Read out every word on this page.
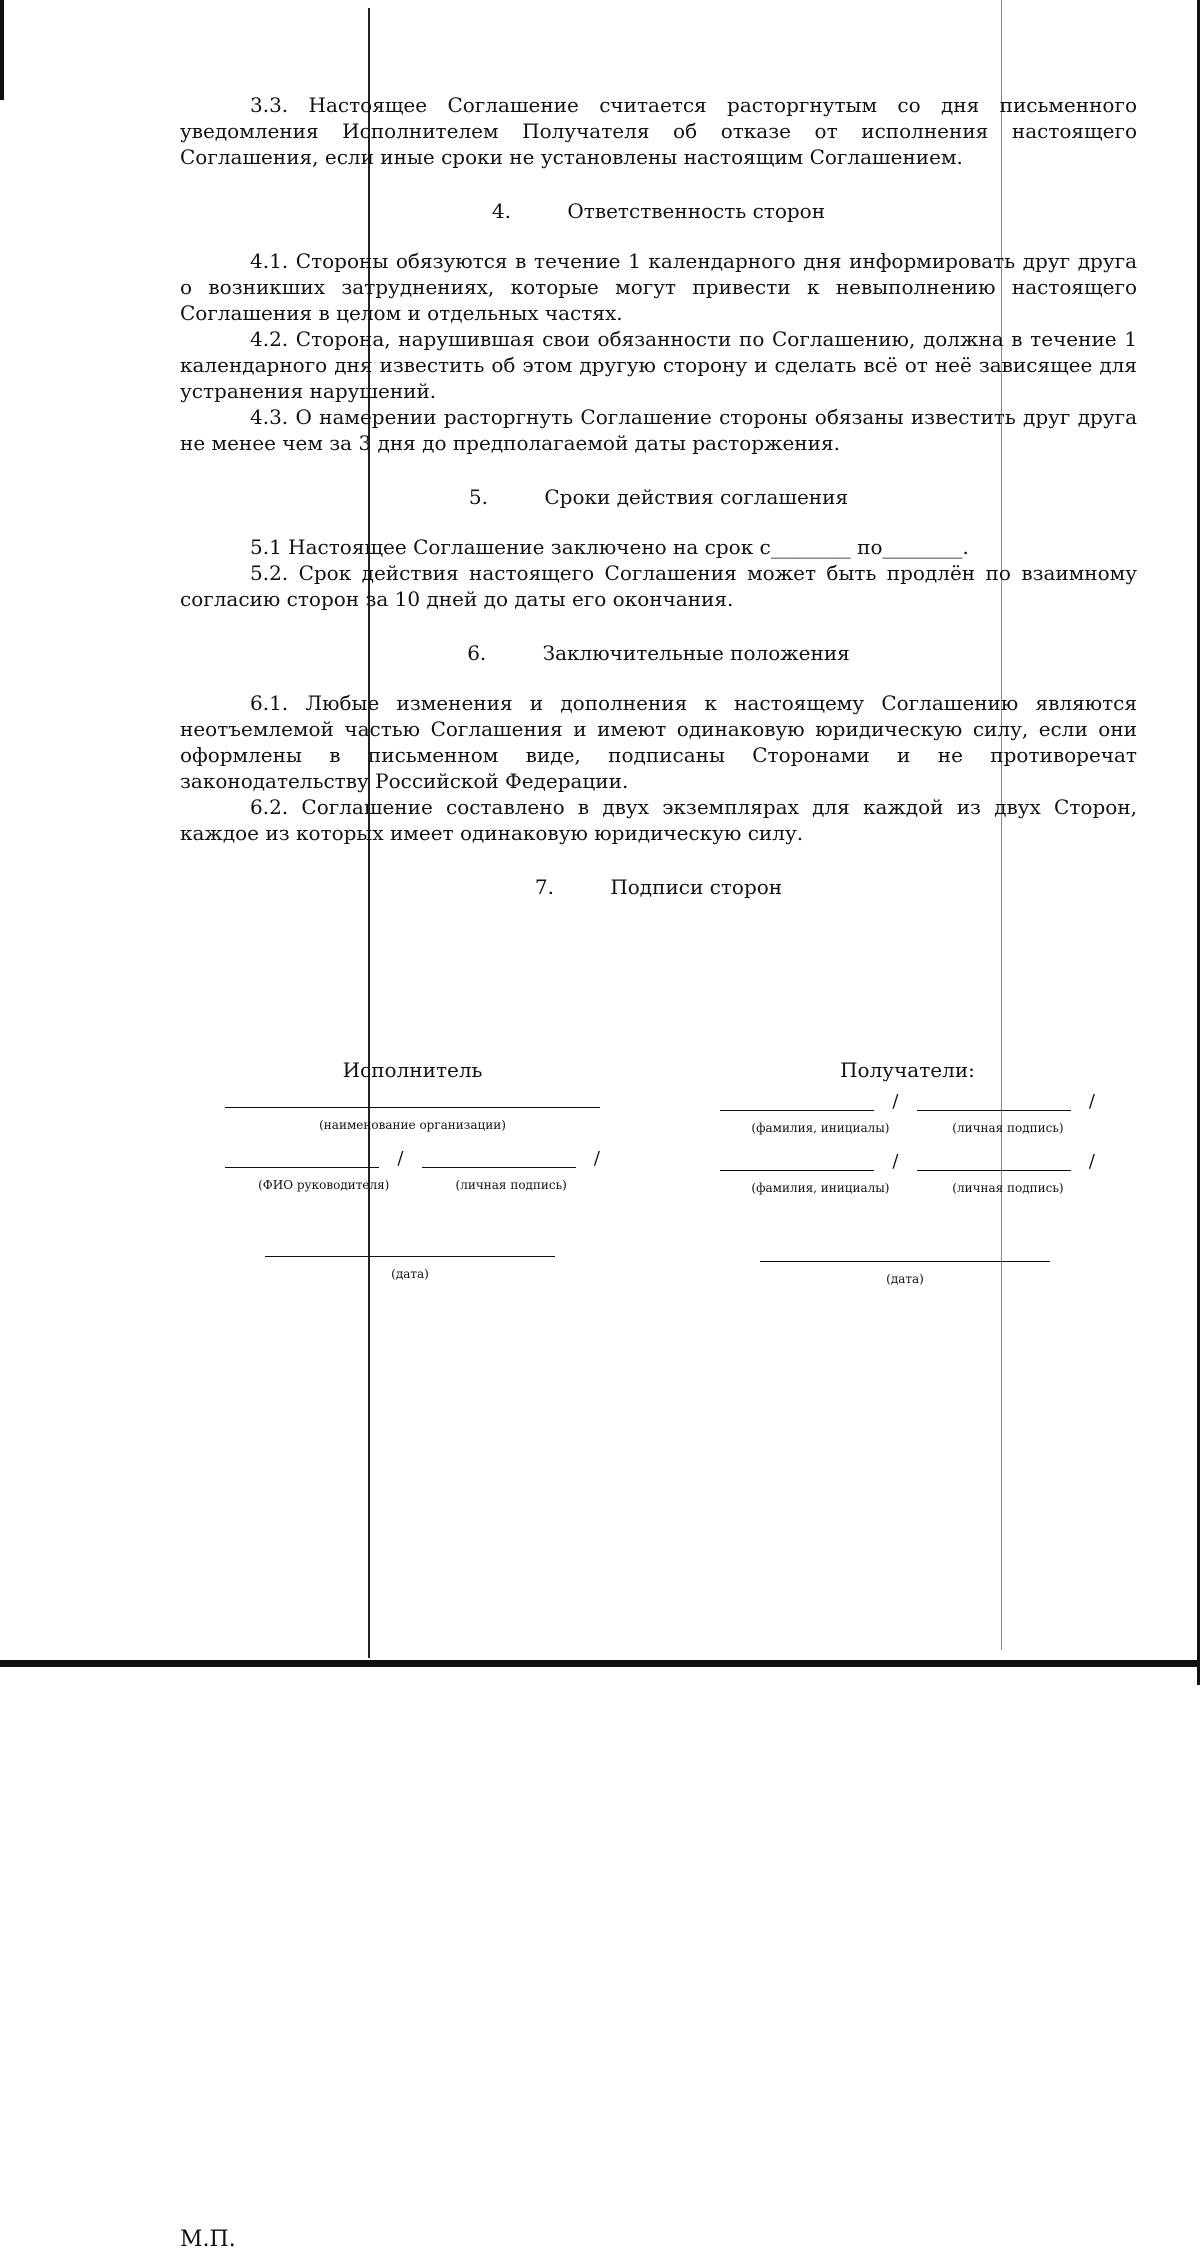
3.3. Настоящее Соглашение считается расторгнутым со дня письменного уведомления Исполнителем Получателя об отказе от исполнения настоящего Соглашения, если иные сроки не установлены настоящим Соглашением.

4.	Ответственность сторон

4.1. Стороны обязуются в течение 1 календарного дня информировать друг друга о возникших затруднениях, которые могут привести к невыполнению настоящего Соглашения в целом и отдельных частях.

4.2. Сторона, нарушившая свои обязанности по Соглашению, должна в течение 1 календарного дня известить об этом другую сторону и сделать всё от неё зависящее для устранения нарушений.

4.3. О намерении расторгнуть Соглашение стороны обязаны известить друг друга не менее чем за 3 дня до предполагаемой даты расторжения.

5.	Сроки действия соглашения

5.1 Настоящее Соглашение заключено на срок с________ по________.

5.2. Срок действия настоящего Соглашения может быть продлён по взаимному согласию сторон за 10 дней до даты его окончания.

6.	Заключительные положения

6.1. Любые изменения и дополнения к настоящему Соглашению являются неотъемлемой частью Соглашения и имеют одинаковую юридическую силу, если они оформлены в письменном виде, подписаны Сторонами и не противоречат законодательству Российской Федерации.

6.2. Соглашение составлено в двух экземплярах для каждой из двух Сторон, каждое из которых имеет одинаковую юридическую силу.

7.	Подписи сторон
Исполнитель
(наименование организации)
/	/
(ФИО руководителя)	(личная подпись)
(дата)
Получатели:
/	/
(фамилия, инициалы)	(личная подпись)
/	/
(фамилия, инициалы)	(личная подпись)
(дата)
М.П.
